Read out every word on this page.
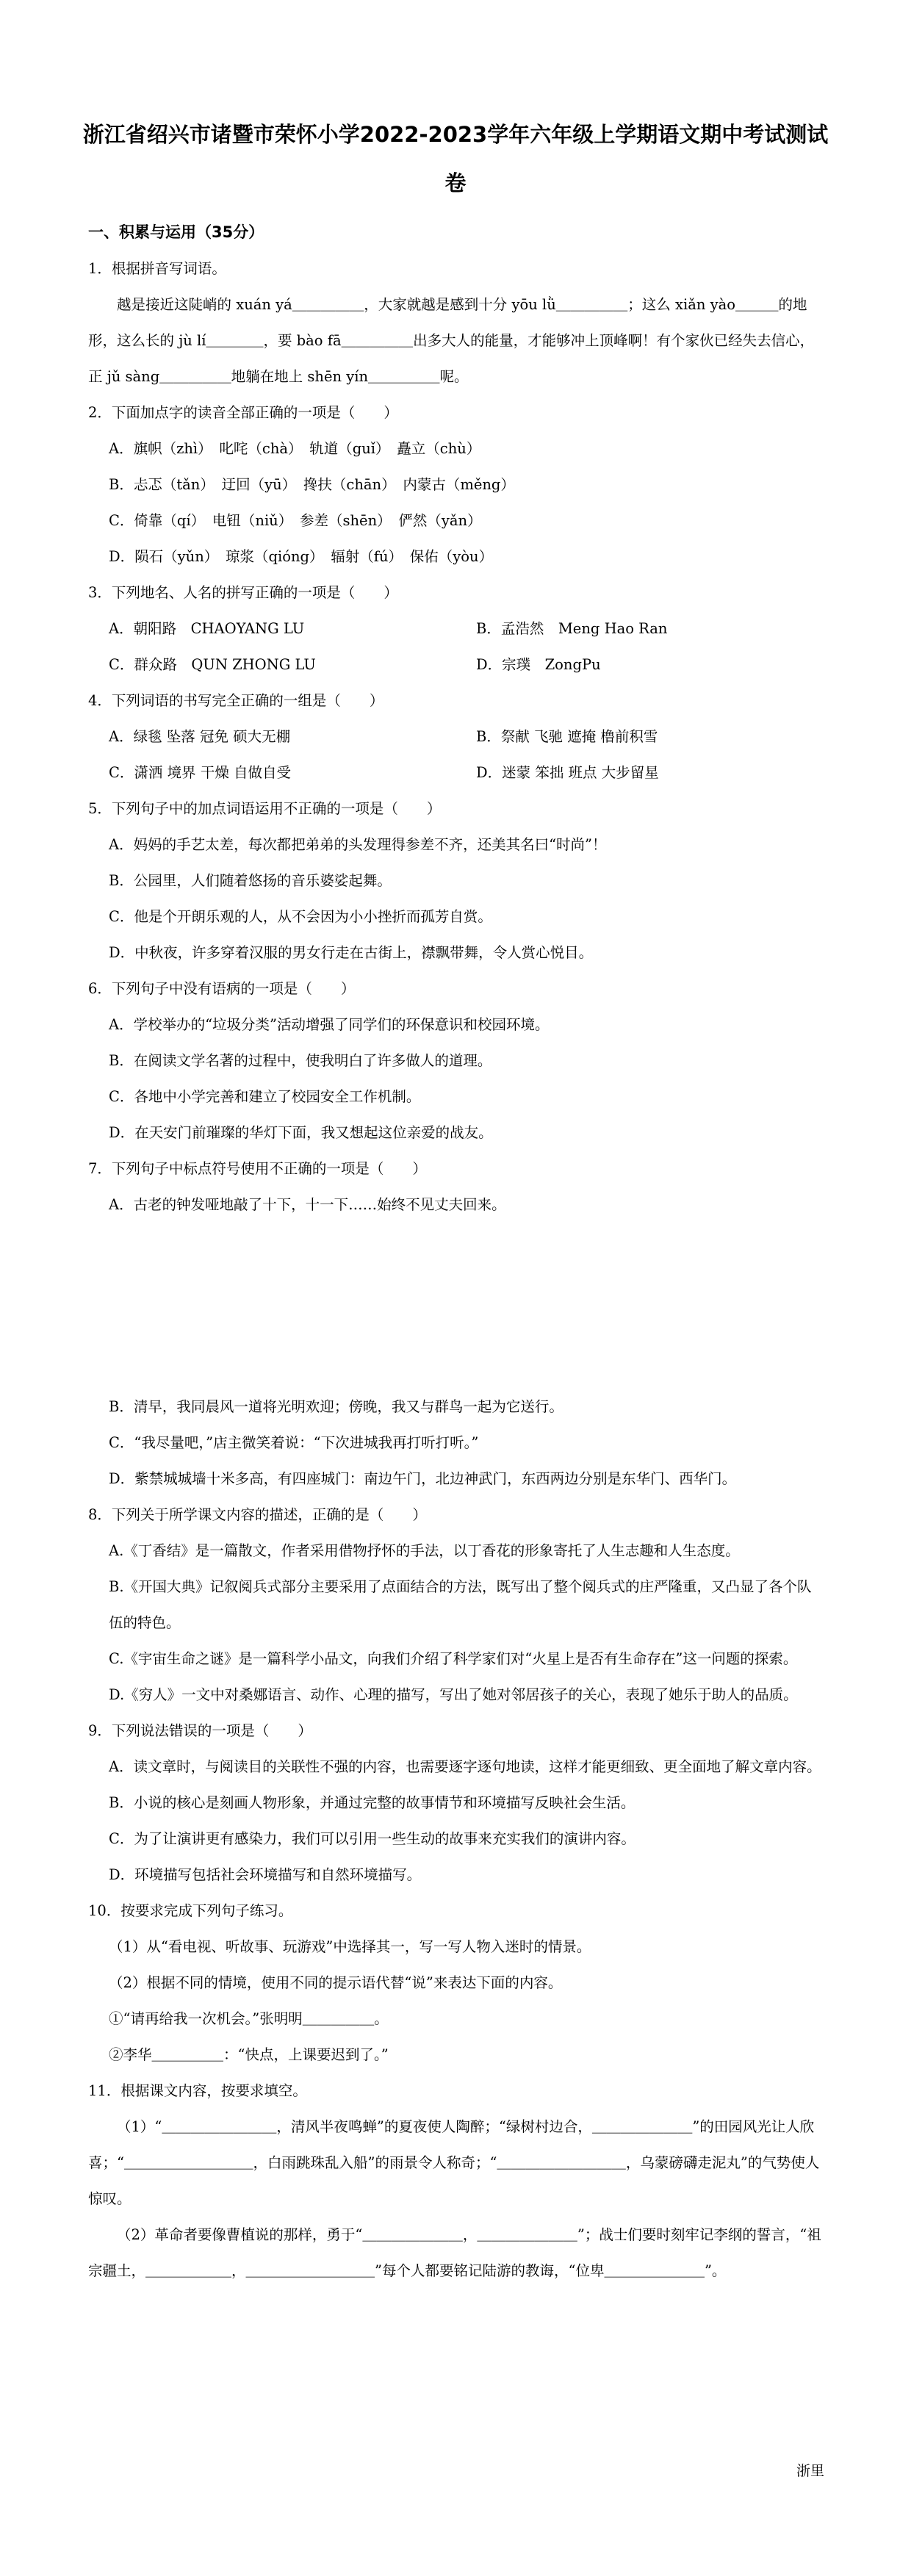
浙江省绍兴市诸暨市荣怀小学2022-2023学年六年级上学期语文期中考试测试卷

一、积累与运用（35分）

1．根据拼音写词语。

越是接近这陡峭的 xuán yá＿＿＿＿＿，大家就越是感到十分 yōu lǜ＿＿＿＿＿；这么 xiǎn yào＿＿＿的地形，这么长的 jù lí＿＿＿＿，要 bào fā＿＿＿＿＿出多大人的能量，才能够冲上顶峰啊！有个家伙已经失去信心，正 jǔ sàng＿＿＿＿＿地躺在地上 shēn yín＿＿＿＿＿呢。

2．下面加点字的读音全部正确的一项是（　　）

A．旗帜（zhì）　叱咤（chà）　轨道（guǐ）　矗立（chù）

B．忐忑（tǎn）　迂回（yū）　搀扶（chān）　内蒙古（měng）

C．倚靠（qí）　电钮（niǔ）　参差（shēn）　俨然（yǎn）

D．陨石（yǔn）　琼浆（qióng）　辐射（fú）　保佑（yòu）

3．下列地名、人名的拼写正确的一项是（　　）

A．朝阳路　CHAOYANG LU	B．孟浩然　Meng Hao Ran
C．群众路　QUN ZHONG LU	D．宗璞　ZongPu

4．下列词语的书写完全正确的一组是（　　）

A．绿毯 坠落 冠免 硕大无棚	B．祭献 飞驰 遮掩 橹前积雪
C．潇洒 境界 干燥 自做自受	D．迷蒙 笨拙 班点 大步留星

5．下列句子中的加点词语运用不正确的一项是（　　）

A．妈妈的手艺太差，每次都把弟弟的头发理得参差不齐，还美其名曰“时尚”！

B．公园里，人们随着悠扬的音乐婆娑起舞。

C．他是个开朗乐观的人，从不会因为小小挫折而孤芳自赏。

D．中秋夜，许多穿着汉服的男女行走在古街上，襟飘带舞，令人赏心悦目。

6．下列句子中没有语病的一项是（　　）

A．学校举办的“垃圾分类”活动增强了同学们的环保意识和校园环境。

B．在阅读文学名著的过程中，使我明白了许多做人的道理。

C．各地中小学完善和建立了校园安全工作机制。

D．在天安门前璀璨的华灯下面，我又想起这位亲爱的战友。

7．下列句子中标点符号使用不正确的一项是（　　）

A．古老的钟发哑地敲了十下，十一下……始终不见丈夫回来。

B．清早，我同晨风一道将光明欢迎；傍晚，我又与群鸟一起为它送行。

C．“我尽量吧，”店主微笑着说：“下次进城我再打听打听。”

D．紫禁城城墙十米多高，有四座城门：南边午门，北边神武门，东西两边分别是东华门、西华门。

8．下列关于所学课文内容的描述，正确的是（　　）

A.《丁香结》是一篇散文，作者采用借物抒怀的手法，以丁香花的形象寄托了人生志趣和人生态度。

B.《开国大典》记叙阅兵式部分主要采用了点面结合的方法，既写出了整个阅兵式的庄严隆重，又凸显了各个队伍的特色。

C.《宇宙生命之谜》是一篇科学小品文，向我们介绍了科学家们对“火星上是否有生命存在”这一问题的探索。

D.《穷人》一文中对桑娜语言、动作、心理的描写，写出了她对邻居孩子的关心，表现了她乐于助人的品质。

9．下列说法错误的一项是（　　）

A．读文章时，与阅读目的关联性不强的内容，也需要逐字逐句地读，这样才能更细致、更全面地了解文章内容。

B．小说的核心是刻画人物形象，并通过完整的故事情节和环境描写反映社会生活。

C．为了让演讲更有感染力，我们可以引用一些生动的故事来充实我们的演讲内容。

D．环境描写包括社会环境描写和自然环境描写。

10．按要求完成下列句子练习。

（1）从“看电视、听故事、玩游戏”中选择其一，写一写人物入迷时的情景。

（2）根据不同的情境，使用不同的提示语代替“说”来表达下面的内容。

①“请再给我一次机会。”张明明＿＿＿＿＿。

②李华＿＿＿＿＿：“快点，上课要迟到了。”

11．根据课文内容，按要求填空。

（1）“＿＿＿＿＿＿＿＿，清风半夜鸣蝉”的夏夜使人陶醉；“绿树村边合，＿＿＿＿＿＿＿”的田园风光让人欣喜；“＿＿＿＿＿＿＿＿＿，白雨跳珠乱入船”的雨景令人称奇；“＿＿＿＿＿＿＿＿＿，乌蒙磅礴走泥丸”的气势使人惊叹。

（2）革命者要像曹植说的那样，勇于“＿＿＿＿＿＿＿，＿＿＿＿＿＿＿”；战士们要时刻牢记李纲的誓言，“祖宗疆土，＿＿＿＿＿＿，＿＿＿＿＿＿＿＿＿”每个人都要铭记陆游的教诲，“位卑＿＿＿＿＿＿＿”。

浙里
